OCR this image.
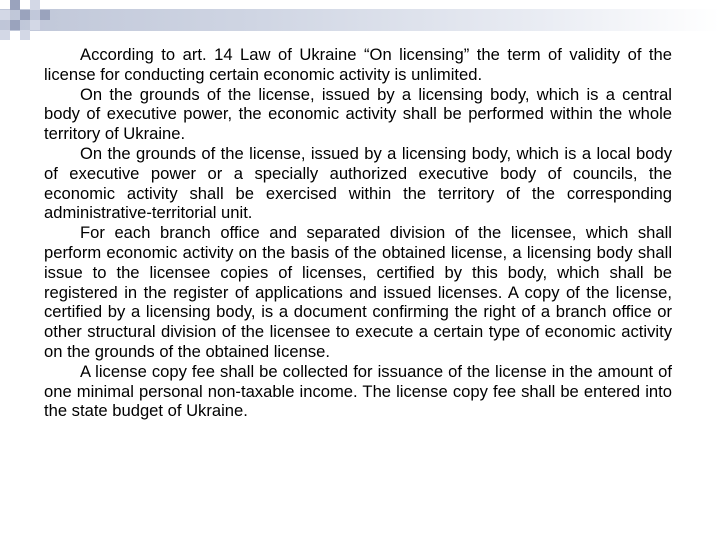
According to art. 14 Law of Ukraine “On licensing” the term of validity of the license for conducting certain economic activity is unlimited.

On the grounds of the license, issued by a licensing body, which is a central body of executive power, the economic activity shall be performed within the whole territory of Ukraine.

On the grounds of the license, issued by a licensing body, which is a local body of executive power or a specially authorized executive body of councils, the economic activity shall be exercised within the territory of the corresponding administrative-territorial unit.

For each branch office and separated division of the licensee, which shall perform economic activity on the basis of the obtained license, a licensing body shall issue to the licensee copies of licenses, certified by this body, which shall be registered in the register of applications and issued licenses. A copy of the license, certified by a licensing body, is a document confirming the right of a branch office or other structural division of the licensee to execute a certain type of economic activity on the grounds of the obtained license.

A license copy fee shall be collected for issuance of the license in the amount of one minimal personal non-taxable income. The license copy fee shall be entered into the state budget of Ukraine.
